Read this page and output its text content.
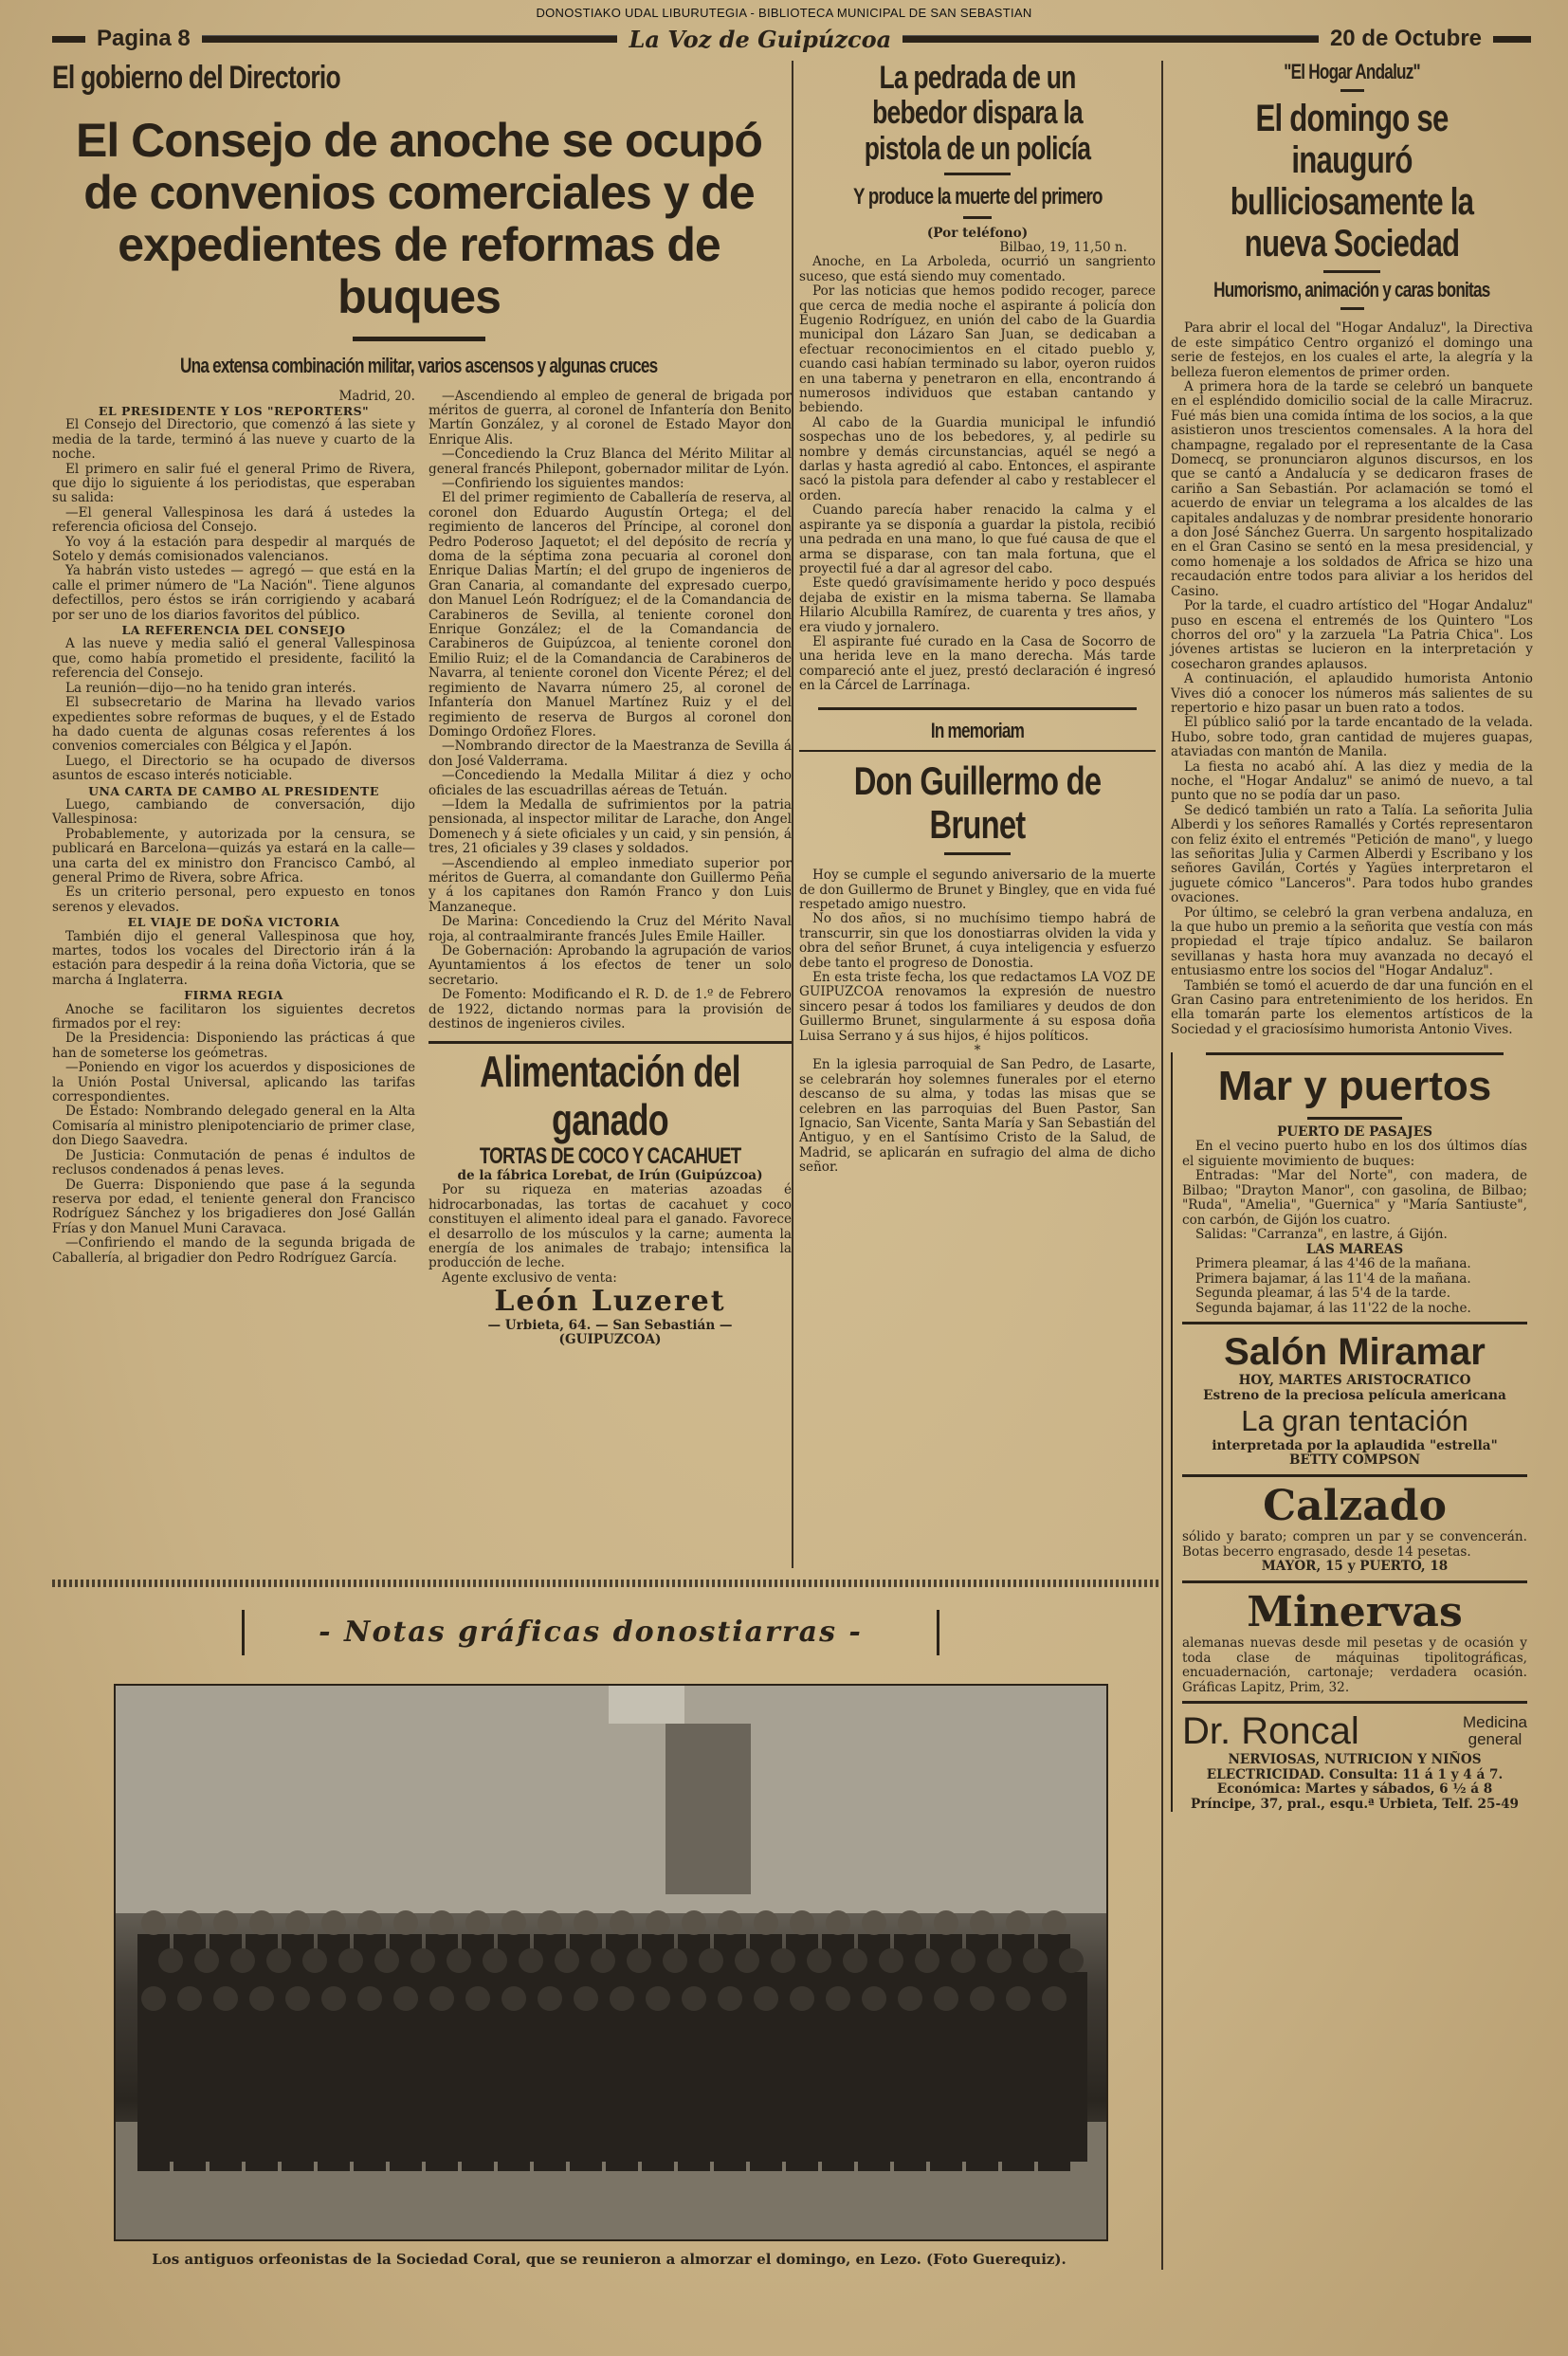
DONOSTIAKO UDAL LIBURUTEGIA - BIBLIOTECA MUNICIPAL DE SAN SEBASTIAN
Pagina 8	La Voz de Guipúzcoa	20 de Octubre
El gobierno del Directorio
El Consejo de anoche se ocupó de convenios comerciales y de expedientes de reformas de buques
Una extensa combinación militar, varios ascensos y algunas cruces

Madrid, 20.

EL PRESIDENTE Y LOS "REPORTERS"

El Consejo del Directorio, que comenzó á las siete y media de la tarde, terminó á las nueve y cuarto de la noche.

El primero en salir fué el general Primo de Rivera, que dijo lo siguiente á los periodistas, que esperaban su salida:

—El general Vallespinosa les dará á ustedes la referencia oficiosa del Consejo.

Yo voy á la estación para despedir al marqués de Sotelo y demás comisionados valencianos.

Ya habrán visto ustedes — agregó — que está en la calle el primer número de "La Nación". Tiene algunos defectillos, pero éstos se irán corrigiendo y acabará por ser uno de los diarios favoritos del público.

LA REFERENCIA DEL CONSEJO

A las nueve y media salió el general Vallespinosa que, como había prometido el presidente, facilitó la referencia del Consejo.

La reunión—dijo—no ha tenido gran interés.

El subsecretario de Marina ha llevado varios expedientes sobre reformas de buques, y el de Estado ha dado cuenta de algunas cosas referentes á los convenios comerciales con Bélgica y el Japón.

Luego, el Directorio se ha ocupado de diversos asuntos de escaso interés noticiable.

UNA CARTA DE CAMBO AL PRESIDENTE

Luego, cambiando de conversación, dijo Vallespinosa:

Probablemente, y autorizada por la censura, se publicará en Barcelona—quizás ya estará en la calle—una carta del ex ministro don Francisco Cambó, al general Primo de Rivera, sobre Africa.

Es un criterio personal, pero expuesto en tonos serenos y elevados.

EL VIAJE DE DOÑA VICTORIA

También dijo el general Vallespinosa que hoy, martes, todos los vocales del Directorio irán á la estación para despedir á la reina doña Victoria, que se marcha á Inglaterra.

FIRMA REGIA

Anoche se facilitaron los siguientes decretos firmados por el rey:

De la Presidencia: Disponiendo las prácticas á que han de someterse los geómetras.

—Poniendo en vigor los acuerdos y disposiciones de la Unión Postal Universal, aplicando las tarifas correspondientes.

De Estado: Nombrando delegado general en la Alta Comisaría al ministro plenipotenciario de primer clase, don Diego Saavedra.

De Justicia: Conmutación de penas é indultos de reclusos condenados á penas leves.

De Guerra: Disponiendo que pase á la segunda reserva por edad, el teniente general don Francisco Rodríguez Sánchez y los brigadieres don José Gallán Frías y don Manuel Muni Caravaca.

—Confiriendo el mando de la segunda brigada de Caballería, al brigadier don Pedro Rodríguez García.

—Ascendiendo al empleo de general de brigada por méritos de guerra, al coronel de Infantería don Benito Martín González, y al coronel de Estado Mayor don Enrique Alis.

—Concediendo la Cruz Blanca del Mérito Militar al general francés Philepont, gobernador militar de Lyón.

—Confiriendo los siguientes mandos:

El del primer regimiento de Caballería de reserva, al coronel don Eduardo Augustín Ortega; el del regimiento de lanceros del Príncipe, al coronel don Pedro Poderoso Jaquetot; el del depósito de recría y doma de la séptima zona pecuaria al coronel don Enrique Dalias Martín; el del grupo de ingenieros de Gran Canaria, al comandante del expresado cuerpo, don Manuel León Rodríguez; el de la Comandancia de Carabineros de Sevilla, al teniente coronel don Enrique González; el de la Comandancia de Carabineros de Guipúzcoa, al teniente coronel don Emilio Ruiz; el de la Comandancia de Carabineros de Navarra, al teniente coronel don Vicente Pérez; el del regimiento de Navarra número 25, al coronel de Infantería don Manuel Martínez Ruiz y el del regimiento de reserva de Burgos al coronel don Domingo Ordoñez Flores.

—Nombrando director de la Maestranza de Sevilla á don José Valderrama.

—Concediendo la Medalla Militar á diez y ocho oficiales de las escuadrillas aéreas de Tetuán.

—Idem la Medalla de sufrimientos por la patria pensionada, al inspector militar de Larache, don Angel Domenech y á siete oficiales y un caid, y sin pensión, á tres, 21 oficiales y 39 clases y soldados.

—Ascendiendo al empleo inmediato superior por méritos de Guerra, al comandante don Guillermo Peña y á los capitanes don Ramón Franco y don Luis Manzaneque.

De Marina: Concediendo la Cruz del Mérito Naval roja, al contraalmirante francés Jules Emile Hailler.

De Gobernación: Aprobando la agrupación de varios Ayuntamientos á los efectos de tener un solo secretario.

De Fomento: Modificando el R. D. de 1.º de Febrero de 1922, dictando normas para la provisión de destinos de ingenieros civiles.

Alimentación del ganado
TORTAS DE COCO Y CACAHUET
de la fábrica Lorebat, de Irún (Guipúzcoa)
Por su riqueza en materias azoadas é hidrocarbonadas, las tortas de cacahuet y coco constituyen el alimento ideal para el ganado. Favorece el desarrollo de los músculos y la carne; aumenta la energía de los animales de trabajo; intensifica la producción de leche.
Agente exclusivo de venta:
León Luzeret
— Urbieta, 64. — San Sebastián —
(GUIPUZCOA)
La pedrada de un bebedor dispara la pistola de un policía
Y produce la muerte del primero
(Por teléfono)
Bilbao, 19, 11,50 n.

Anoche, en La Arboleda, ocurrió un sangriento suceso, que está siendo muy comentado.

Por las noticias que hemos podido recoger, parece que cerca de media noche el aspirante á policía don Eugenio Rodríguez, en unión del cabo de la Guardia municipal don Lázaro San Juan, se dedicaban a efectuar reconocimientos en el citado pueblo y, cuando casi habían terminado su labor, oyeron ruidos en una taberna y penetraron en ella, encontrando á numerosos individuos que estaban cantando y bebiendo.

Al cabo de la Guardia municipal le infundió sospechas uno de los bebedores, y, al pedirle su nombre y demás circunstancias, aquél se negó a darlas y hasta agredió al cabo. Entonces, el aspirante sacó la pistola para defender al cabo y restablecer el orden.

Cuando parecía haber renacido la calma y el aspirante ya se disponía a guardar la pistola, recibió una pedrada en una mano, lo que fué causa de que el arma se disparase, con tan mala fortuna, que el proyectil fué a dar al agresor del cabo.

Este quedó gravísimamente herido y poco después dejaba de existir en la misma taberna. Se llamaba Hilario Alcubilla Ramírez, de cuarenta y tres años, y era viudo y jornalero.

El aspirante fué curado en la Casa de Socorro de una herida leve en la mano derecha. Más tarde compareció ante el juez, prestó declaración é ingresó en la Cárcel de Larrínaga.

In memoriam
Don Guillermo de Brunet

Hoy se cumple el segundo aniversario de la muerte de don Guillermo de Brunet y Bingley, que en vida fué respetado amigo nuestro.

No dos años, si no muchísimo tiempo habrá de transcurrir, sin que los donostiarras olviden la vida y obra del señor Brunet, á cuya inteligencia y esfuerzo debe tanto el progreso de Donostia.

En esta triste fecha, los que redactamos LA VOZ DE GUIPUZCOA renovamos la expresión de nuestro sincero pesar á todos los familiares y deudos de don Guillermo Brunet, singularmente á su esposa doña Luisa Serrano y á sus hijos, é hijos políticos.

*

En la iglesia parroquial de San Pedro, de Lasarte, se celebrarán hoy solemnes funerales por el eterno descanso de su alma, y todas las misas que se celebren en las parroquias del Buen Pastor, San Ignacio, San Vicente, Santa María y San Sebastián del Antiguo, y en el Santísimo Cristo de la Salud, de Madrid, se aplicarán en sufragio del alma de dicho señor.

- Notas gráficas donostiarras -
Los antiguos orfeonistas de la Sociedad Coral, que se reunieron a almorzar el domingo, en Lezo. (Foto Guerequiz).
"El Hogar Andaluz"
El domingo se inauguró bulliciosamente la nueva Sociedad
Humorismo, animación y caras bonitas

Para abrir el local del "Hogar Andaluz", la Directiva de este simpático Centro organizó el domingo una serie de festejos, en los cuales el arte, la alegría y la belleza fueron elementos de primer orden.

A primera hora de la tarde se celebró un banquete en el espléndido domicilio social de la calle Miracruz. Fué más bien una comida íntima de los socios, a la que asistieron unos trescientos comensales. A la hora del champagne, regalado por el representante de la Casa Domecq, se pronunciaron algunos discursos, en los que se cantó a Andalucía y se dedicaron frases de cariño a San Sebastián. Por aclamación se tomó el acuerdo de enviar un telegrama a los alcaldes de las capitales andaluzas y de nombrar presidente honorario a don José Sánchez Guerra. Un sargento hospitalizado en el Gran Casino se sentó en la mesa presidencial, y como homenaje a los soldados de Africa se hizo una recaudación entre todos para aliviar a los heridos del Casino.

Por la tarde, el cuadro artístico del "Hogar Andaluz" puso en escena el entremés de los Quintero "Los chorros del oro" y la zarzuela "La Patria Chica". Los jóvenes artistas se lucieron en la interpretación y cosecharon grandes aplausos.

A continuación, el aplaudido humorista Antonio Vives dió a conocer los números más salientes de su repertorio e hizo pasar un buen rato a todos.

El público salió por la tarde encantado de la velada. Hubo, sobre todo, gran cantidad de mujeres guapas, ataviadas con mantón de Manila.

La fiesta no acabó ahí. A las diez y media de la noche, el "Hogar Andaluz" se animó de nuevo, a tal punto que no se podía dar un paso.

Se dedicó también un rato a Talía. La señorita Julia Alberdi y los señores Ramallés y Cortés representaron con feliz éxito el entremés "Petición de mano", y luego las señoritas Julia y Carmen Alberdi y Escribano y los señores Gavilán, Cortés y Yagües interpretaron el juguete cómico "Lanceros". Para todos hubo grandes ovaciones.

Por último, se celebró la gran verbena andaluza, en la que hubo un premio a la señorita que vestía con más propiedad el traje típico andaluz. Se bailaron sevillanas y hasta hora muy avanzada no decayó el entusiasmo entre los socios del "Hogar Andaluz".

También se tomó el acuerdo de dar una función en el Gran Casino para entretenimiento de los heridos. En ella tomarán parte los elementos artísticos de la Sociedad y el graciosísimo humorista Antonio Vives.

Mar y puertos
PUERTO DE PASAJES
En el vecino puerto hubo en los dos últimos días el siguiente movimiento de buques:
Entradas: "Mar del Norte", con madera, de Bilbao; "Drayton Manor", con gasolina, de Bilbao; "Ruda", "Amelia", "Guernica" y "María Santiuste", con carbón, de Gijón los cuatro.
Salidas: "Carranza", en lastre, á Gijón.
LAS MAREAS
Primera pleamar, á las 4'46 de la mañana.
Primera bajamar, á las 11'4 de la mañana.
Segunda pleamar, á las 5'4 de la tarde.
Segunda bajamar, á las 11'22 de la noche.
Salón Miramar
HOY, MARTES ARISTOCRATICO
Estreno de la preciosa película americana
La gran tentación
interpretada por la aplaudida "estrella"
BETTY COMPSON
Calzado
sólido y barato; compren un par y se convencerán. Botas becerro engrasado, desde 14 pesetas.
MAYOR, 15 y PUERTO, 18
Minervas
alemanas nuevas desde mil pesetas y de ocasión y toda clase de máquinas tipolitográficas, encuadernación, cartonaje; verdadera ocasión. Gráficas Lapitz, Prim, 32.
Dr. Roncal	Medicina
general
NERVIOSAS, NUTRICION Y NIÑOS
ELECTRICIDAD. Consulta: 11 á 1 y 4 á 7.
Económica: Martes y sábados, 6 ½ á 8
Príncipe, 37, pral., esqu.ª Urbieta, Telf. 25-49
